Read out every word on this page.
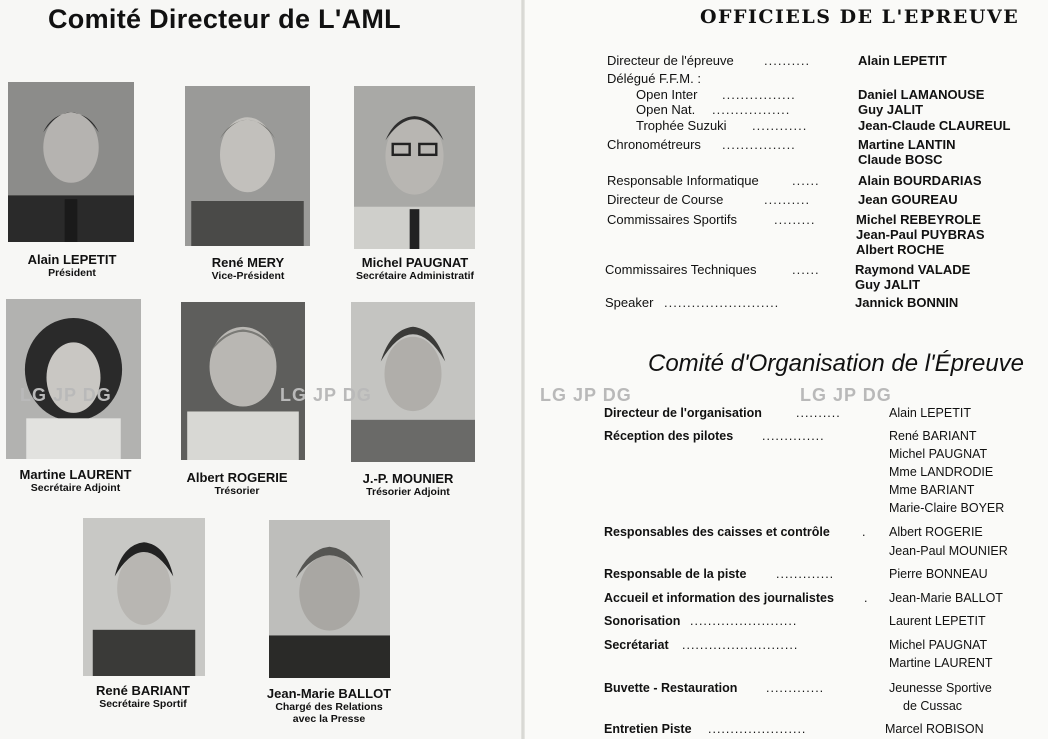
Comité Directeur de L'AML
Alain LEPETIT
Président
René MERY
Vice-Président
Michel PAUGNAT
Secrétaire Administratif
Martine LAURENT
Secrétaire Adjoint
Albert ROGERIE
Trésorier
J.-P. MOUNIER
Trésorier Adjoint
René BARIANT
Secrétaire Sportif
Jean-Marie BALLOT
Chargé des Relations
avec la Presse
OFFICIELS DE L'EPREUVE
Directeur de l'épreuve ..........	Alain LEPETIT
Délégué F.F.M. :
Open Inter ................	Daniel LAMANOUSE
Open Nat. .................	Guy JALIT
Trophée Suzuki ............	Jean-Claude CLAUREUL
Chronométreurs ................	Martine LANTIN
Claude BOSC
Responsable Informatique	......	Alain BOURDARIAS
Directeur de Course	..........	Jean GOUREAU
Commissaires Sportifs	.........	Michel REBEYROLE
Jean-Paul PUYBRAS
Albert ROCHE
Commissaires Techniques	......	Raymond VALADE
Guy JALIT
Speaker .........................	Jannick BONNIN
LG JP DG	LG JP DG	LG JP DG	LG JP DG
Comité d'Organisation de l'Épreuve
Directeur de l'organisation	..........	Alain LEPETIT
Réception des pilotes ..............	René BARIANT
Michel PAUGNAT
Mme LANDRODIE
Mme BARIANT
Marie-Claire BOYER
Responsables des caisses et contrôle	. Albert ROGERIE
Jean-Paul MOUNIER
Responsable de la piste .............	Pierre BONNEAU
Accueil et information des journalistes . Jean-Marie BALLOT
Sonorisation ........................	Laurent LEPETIT
Secrétariat ..........................	Michel PAUGNAT
Martine LAURENT
Buvette - Restauration .............	Jeunesse Sportive
de Cussac
Entretien Piste ......................	Marcel ROBISON
